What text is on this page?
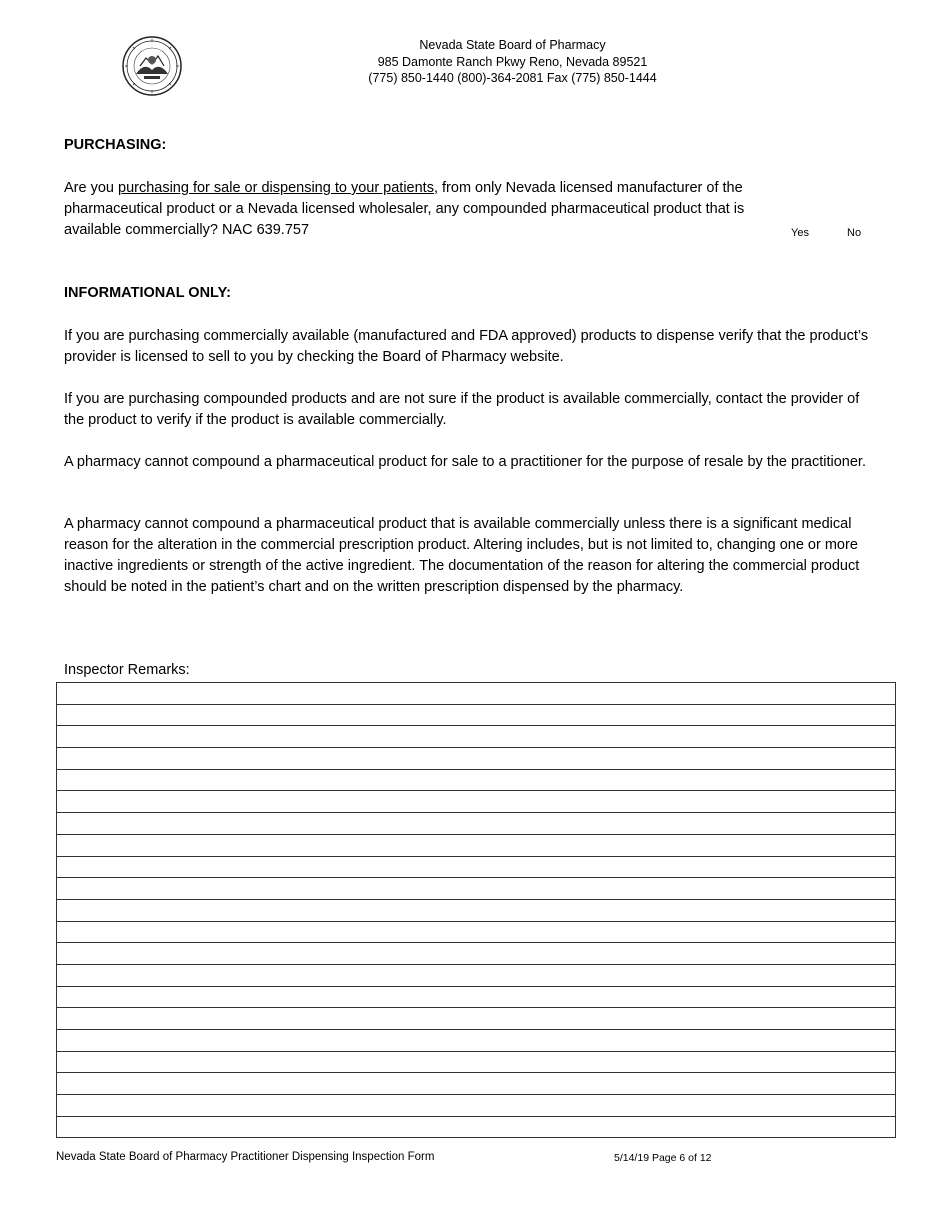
Nevada State Board of Pharmacy
985 Damonte Ranch Pkwy Reno, Nevada 89521
(775) 850-1440 (800)-364-2081 Fax (775) 850-1444
PURCHASING:
Are you purchasing for sale or dispensing to your patients, from only Nevada licensed manufacturer of the pharmaceutical product or a Nevada licensed wholesaler, any compounded pharmaceutical product that is available commercially? NAC 639.757	Yes	No
INFORMATIONAL ONLY:
If you are purchasing commercially available (manufactured and FDA approved) products to dispense verify that the product’s provider is licensed to sell to you by checking the Board of Pharmacy website.
If you are purchasing compounded products and are not sure if the product is available commercially, contact the provider of the product to verify if the product is available commercially.
A pharmacy cannot compound a pharmaceutical product for sale to a practitioner for the purpose of resale by the practitioner.
A pharmacy cannot compound a pharmaceutical product that is available commercially unless there is a significant medical reason for the alteration in the commercial prescription product. Altering includes, but is not limited to, changing one or more inactive ingredients or strength of the active ingredient. The documentation of the reason for altering the commercial product should be noted in the patient’s chart and on the written prescription dispensed by the pharmacy.
Inspector Remarks:

Nevada State Board of Pharmacy Practitioner Dispensing Inspection Form	5/14/19 Page 6 of 12
